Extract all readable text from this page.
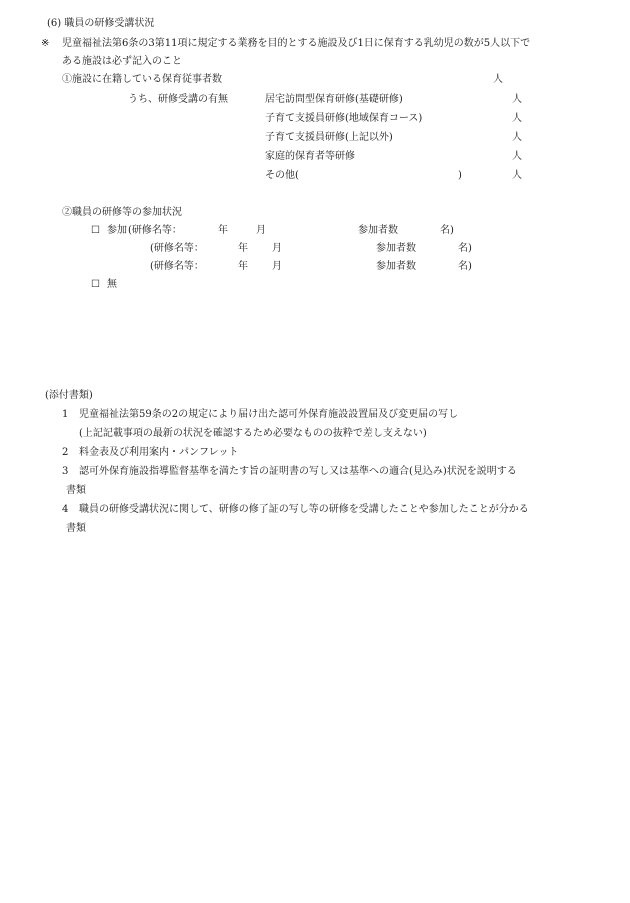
(6) 職員の研修受講状況
※ 児童福祉法第6条の3第11項に規定する業務を目的とする施設及び1日に保育する乳幼児の数が5人以下で
ある施設は必ず記入のこと
①施設に在籍している保育従事者数	人
うち、研修受講の有無	居宅訪問型保育研修(基礎研修)	人
子育て支援員研修(地域保育コース)	人
子育て支援員研修(上記以外)	人
家庭的保育者等研修	人
その他(	)	人
②職員の研修等の参加状況
☐ 参加 (研修名等：	年	月	参加者数	名)
(研修名等：	年 月	参加者数	名)
(研修名等：	年 月	参加者数	名)
☐ 無
(添付書類)
1 児童福祉法第59条の2の規定により届け出た認可外保育施設設置届及び変更届の写し
(上記記載事項の最新の状況を確認するため必要なものの抜粋で差し支えない)
2 料金表及び利用案内・パンフレット
3 認可外保育施設指導監督基準を満たす旨の証明書の写し又は基準への適合(見込み)状況を説明する
書類
4 職員の研修受講状況に関して、研修の修了証の写し等の研修を受講したことや参加したことが分かる
書類
